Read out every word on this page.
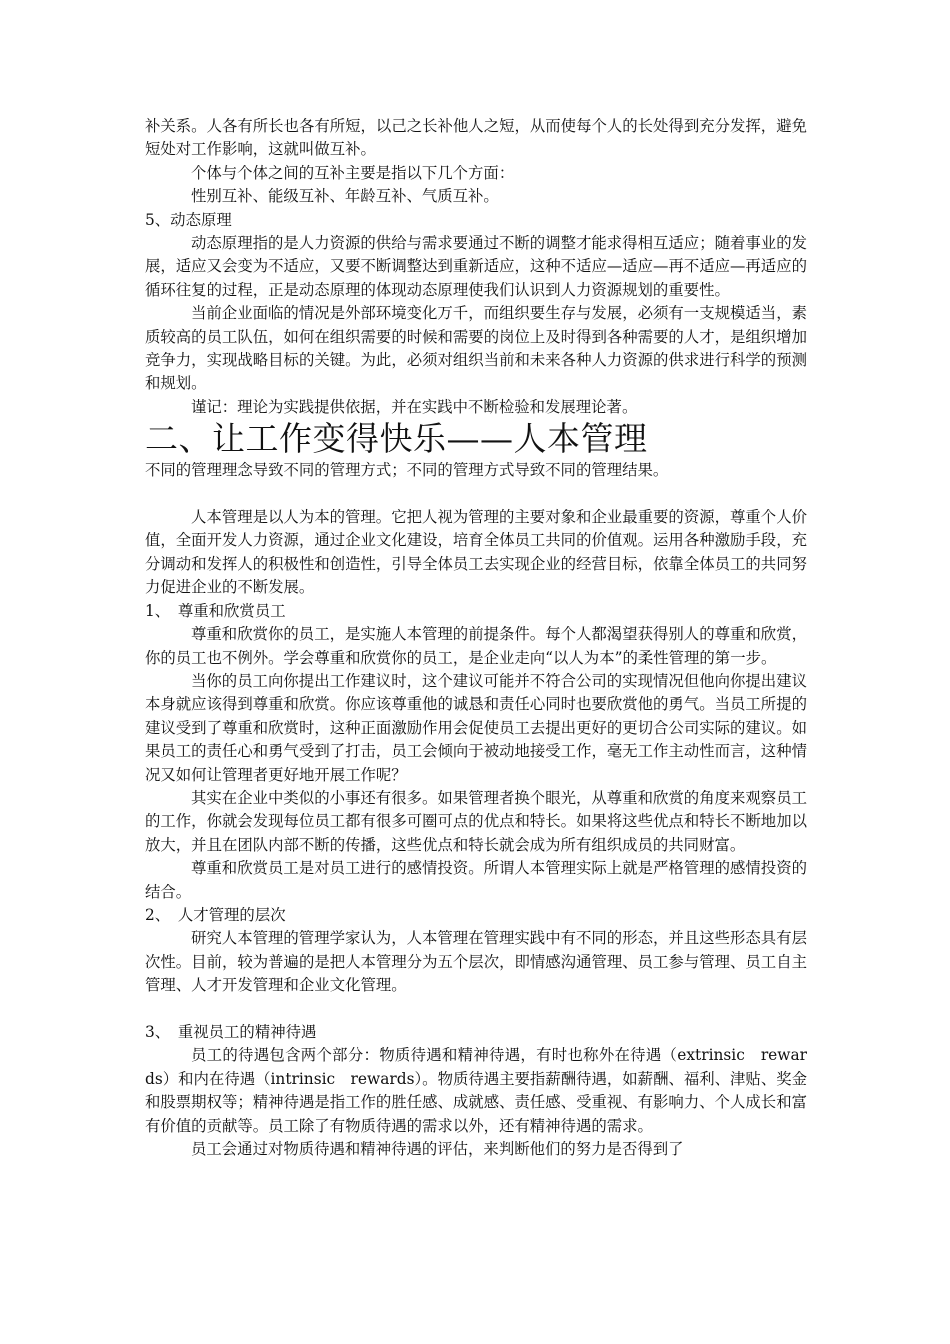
补关系。人各有所长也各有所短，以己之长补他人之短，从而使每个人的长处得到充分发挥，避免短处对工作影响，这就叫做互补。

个体与个体之间的互补主要是指以下几个方面：

性别互补、能级互补、年龄互补、气质互补。

5、动态原理

动态原理指的是人力资源的供给与需求要通过不断的调整才能求得相互适应；随着事业的发展，适应又会变为不适应，又要不断调整达到重新适应，这种不适应—适应—再不适应—再适应的循环往复的过程，正是动态原理的体现动态原理使我们认识到人力资源规划的重要性。

当前企业面临的情况是外部环境变化万千，而组织要生存与发展，必须有一支规模适当，素质较高的员工队伍，如何在组织需要的时候和需要的岗位上及时得到各种需要的人才，是组织增加竞争力，实现战略目标的关键。为此，必须对组织当前和未来各种人力资源的供求进行科学的预测和规划。

谨记：理论为实践提供依据，并在实践中不断检验和发展理论著。

二、让工作变得快乐——人本管理

不同的管理理念导致不同的管理方式；不同的管理方式导致不同的管理结果。

人本管理是以人为本的管理。它把人视为管理的主要对象和企业最重要的资源，尊重个人价值，全面开发人力资源，通过企业文化建设，培育全体员工共同的价值观。运用各种激励手段，充分调动和发挥人的积极性和创造性，引导全体员工去实现企业的经营目标，依靠全体员工的共同努力促进企业的不断发展。

1、　尊重和欣赏员工

尊重和欣赏你的员工，是实施人本管理的前提条件。每个人都渴望获得别人的尊重和欣赏，你的员工也不例外。学会尊重和欣赏你的员工，是企业走向“以人为本”的柔性管理的第一步。

当你的员工向你提出工作建议时，这个建议可能并不符合公司的实现情况但他向你提出建议本身就应该得到尊重和欣赏。你应该尊重他的诚恳和责任心同时也要欣赏他的勇气。当员工所提的建议受到了尊重和欣赏时，这种正面激励作用会促使员工去提出更好的更切合公司实际的建议。如果员工的责任心和勇气受到了打击，员工会倾向于被动地接受工作，毫无工作主动性而言，这种情况又如何让管理者更好地开展工作呢？

其实在企业中类似的小事还有很多。如果管理者换个眼光，从尊重和欣赏的角度来观察员工的工作，你就会发现每位员工都有很多可圈可点的优点和特长。如果将这些优点和特长不断地加以放大，并且在团队内部不断的传播，这些优点和特长就会成为所有组织成员的共同财富。

尊重和欣赏员工是对员工进行的感情投资。所谓人本管理实际上就是严格管理的感情投资的结合。

2、　人才管理的层次

研究人本管理的管理学家认为，人本管理在管理实践中有不同的形态，并且这些形态具有层次性。目前，较为普遍的是把人本管理分为五个层次，即情感沟通管理、员工参与管理、员工自主管理、人才开发管理和企业文化管理。

3、　重视员工的精神待遇

员工的待遇包含两个部分：物质待遇和精神待遇，有时也称外在待遇（extrinsic　rewards）和内在待遇（intrinsic　rewards）。物质待遇主要指薪酬待遇，如薪酬、福利、津贴、奖金和股票期权等；精神待遇是指工作的胜任感、成就感、责任感、受重视、有影响力、个人成长和富有价值的贡献等。员工除了有物质待遇的需求以外，还有精神待遇的需求。

员工会通过对物质待遇和精神待遇的评估，来判断他们的努力是否得到了
